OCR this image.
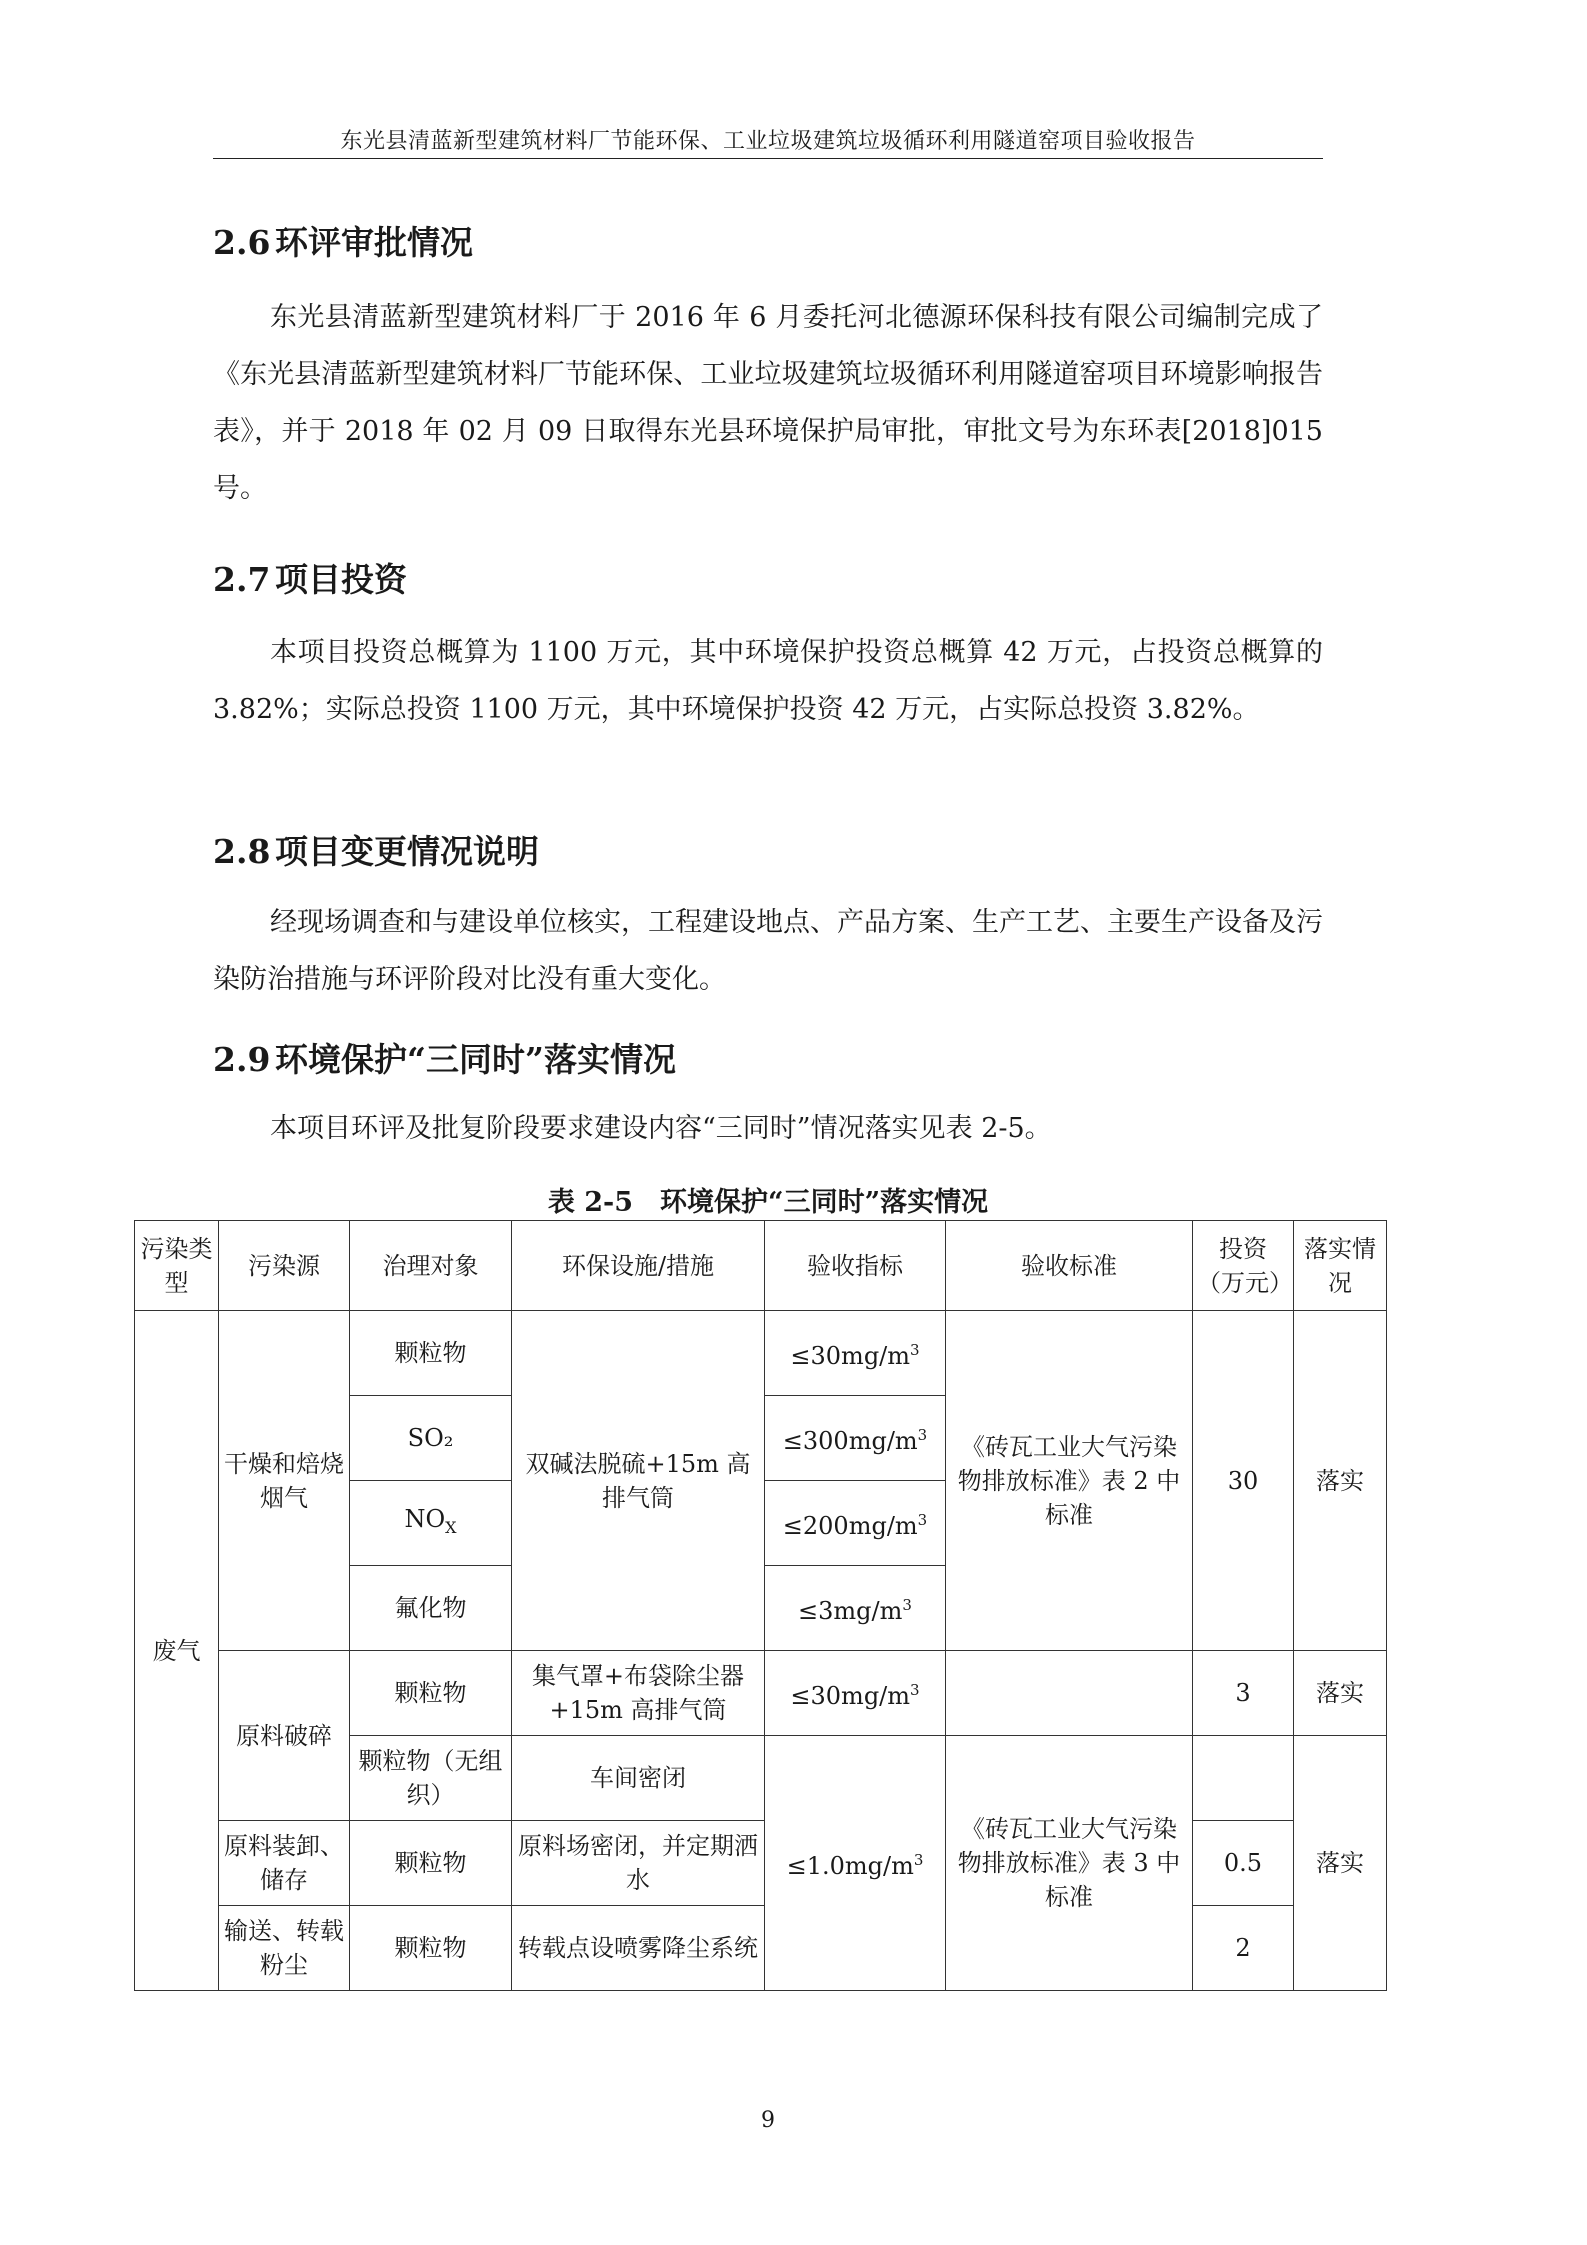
东光县清蓝新型建筑材料厂节能环保、工业垃圾建筑垃圾循环利用隧道窑项目验收报告
2.6 环评审批情况

东光县清蓝新型建筑材料厂于 2016 年 6 月委托河北德源环保科技有限公司编制完成了《东光县清蓝新型建筑材料厂节能环保、工业垃圾建筑垃圾循环利用隧道窑项目环境影响报告表》，并于 2018 年 02 月 09 日取得东光县环境保护局审批，审批文号为东环表[2018]015 号。

2.7 项目投资

本项目投资总概算为 1100 万元，其中环境保护投资总概算 42 万元，占投资总概算的 3.82%；实际总投资 1100 万元，其中环境保护投资 42 万元，占实际总投资 3.82%。

2.8 项目变更情况说明

经现场调查和与建设单位核实，工程建设地点、产品方案、生产工艺、主要生产设备及污染防治措施与环评阶段对比没有重大变化。

2.9 环境保护“三同时”落实情况

本项目环评及批复阶段要求建设内容“三同时”情况落实见表 2-5。

表 2-5　环境保护“三同时”落实情况
污染类型	污染源	治理对象	环保设施/措施	验收指标	验收标准	投资（万元）	落实情况
废气	干燥和焙烧烟气	颗粒物	双碱法脱硫+15m 高排气筒	$\le 30mg/m^3$	《砖瓦工业大气污染物排放标准》表 2 中标准	30	落实
		SO₂		$\le 300mg/m^3$
		$NO_X$		$\le 200mg/m^3$
		氟化物		$\le 3mg/m^3$
	原料破碎	颗粒物	集气罩+布袋除尘器+15m 高排气筒	$\le 30mg/m^3$		3	落实
		颗粒物（无组织）	车间密闭	$\le 1.0mg/m^3$	《砖瓦工业大气污染物排放标准》表 3 中标准		落实
	原料装卸、储存	颗粒物	原料场密闭，并定期洒水			0.5	
	输送、转载粉尘	颗粒物	转载点设喷雾降尘系统			2	
9
